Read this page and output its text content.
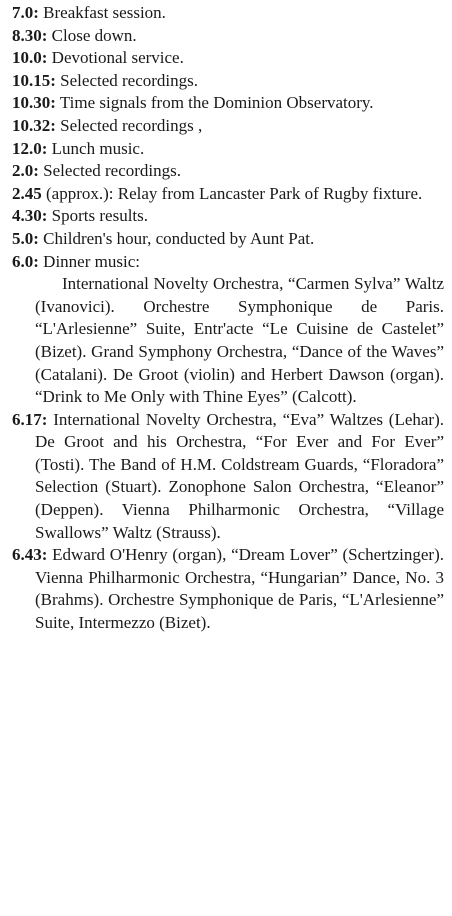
7.0: Breakfast session.

8.30: Close down.

10.0: Devotional service.

10.15: Selected recordings.

10.30: Time signals from the Dominion Observatory.

10.32: Selected recordings ,

12.0: Lunch music.

2.0: Selected recordings.

2.45 (approx.): Relay from Lancaster Park of Rugby fixture.

4.30: Sports results.

5.0: Children's hour, conducted by Aunt Pat.

6.0: Dinner music:

International Novelty Orchestra, “Carmen Sylva” Waltz (Ivanovici). Orchestre Symphonique de Paris. “L'Arlesienne” Suite, Entr'acte “Le Cuisine de Castelet” (Bizet). Grand Symphony Orchestra, “Dance of the Waves” (Catalani). De Groot (violin) and Herbert Dawson (organ). “Drink to Me Only with Thine Eyes” (Calcott).

6.17: International Novelty Orchestra, “Eva” Waltzes (Lehar). De Groot and his Orchestra, “For Ever and For Ever” (Tosti). The Band of H.M. Coldstream Guards, “Floradora” Selection (Stuart). Zonophone Salon Orchestra, “Eleanor” (Deppen). Vienna Philharmonic Orchestra, “Village Swallows” Waltz (Strauss).

6.43: Edward O'Henry (organ), “Dream Lover” (Schertzinger). Vienna Philharmonic Orchestra, “Hungarian” Dance, No. 3 (Brahms). Orchestre Symphonique de Paris, “L'Arlesienne” Suite, Intermezzo (Bizet).
